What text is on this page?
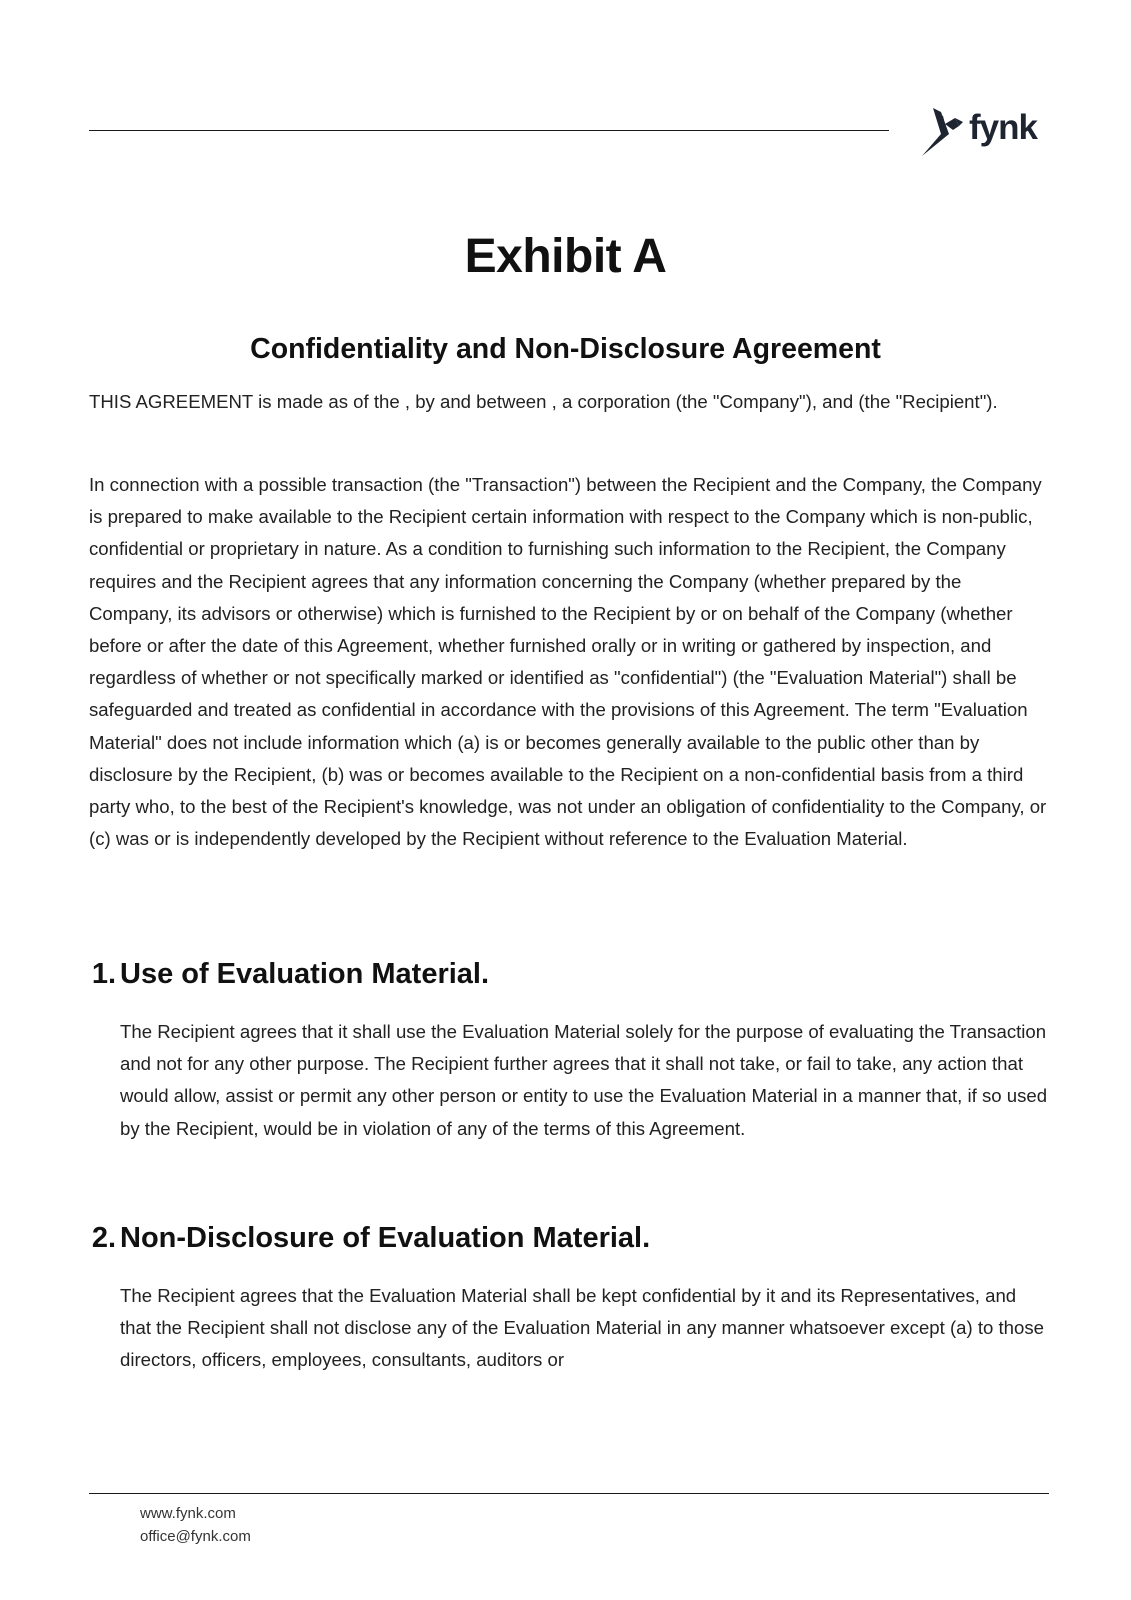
fynk
Exhibit A
Confidentiality and Non-Disclosure Agreement

THIS AGREEMENT is made as of the , by and between , a corporation (the "Company"), and (the "Recipient").

In connection with a possible transaction (the "Transaction") between the Recipient and the Company, the Company is prepared to make available to the Recipient certain information with respect to the Company which is non-public, confidential or proprietary in nature. As a condition to furnishing such information to the Recipient, the Company requires and the Recipient agrees that any information concerning the Company (whether prepared by the Company, its advisors or otherwise) which is furnished to the Recipient by or on behalf of the Company (whether before or after the date of this Agreement, whether furnished orally or in writing or gathered by inspection, and regardless of whether or not specifically marked or identified as "confidential") (the "Evaluation Material") shall be safeguarded and treated as confidential in accordance with the provisions of this Agreement. The term "Evaluation Material" does not include information which (a) is or becomes generally available to the public other than by disclosure by the Recipient, (b) was or becomes available to the Recipient on a non-confidential basis from a third party who, to the best of the Recipient's knowledge, was not under an obligation of confidentiality to the Company, or (c) was or is independently developed by the Recipient without reference to the Evaluation Material.

1. Use of Evaluation Material.

The Recipient agrees that it shall use the Evaluation Material solely for the purpose of evaluating the Transaction and not for any other purpose. The Recipient further agrees that it shall not take, or fail to take, any action that would allow, assist or permit any other person or entity to use the Evaluation Material in a manner that, if so used by the Recipient, would be in violation of any of the terms of this Agreement.

2. Non-Disclosure of Evaluation Material.

The Recipient agrees that the Evaluation Material shall be kept confidential by it and its Representatives, and that the Recipient shall not disclose any of the Evaluation Material in any manner whatsoever except (a) to those directors, officers, employees, consultants, auditors or

www.fynk.com
office@fynk.com
